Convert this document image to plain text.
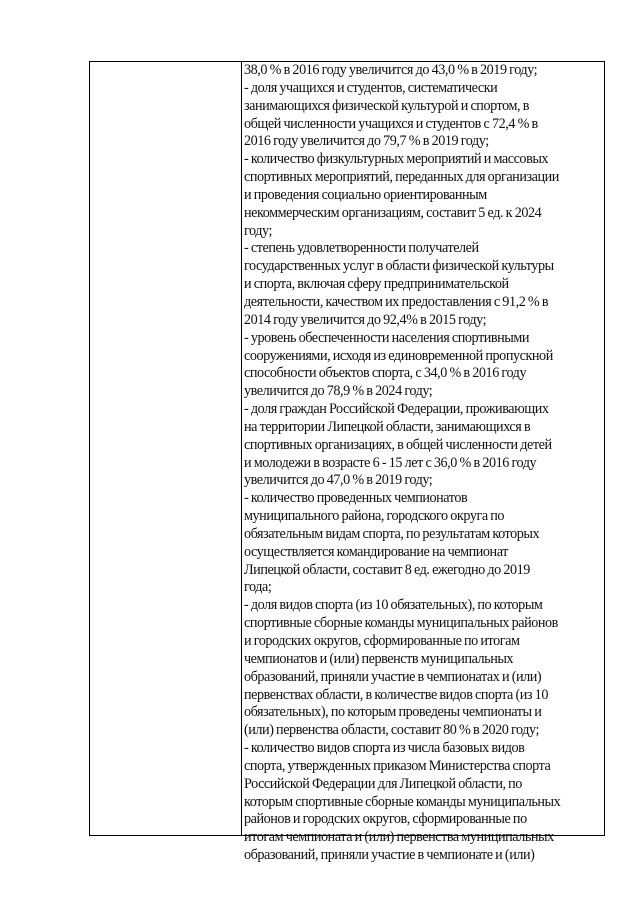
38,0 % в 2016 году увеличится до 43,0 % в 2019 году;
- доля учащихся и студентов, систематически
занимающихся физической культурой и спортом, в
общей численности учащихся и студентов с 72,4 % в
2016 году увеличится до 79,7 % в 2019 году;
- количество физкультурных мероприятий и массовых
спортивных мероприятий, переданных для организации
и проведения социально ориентированным
некоммерческим организациям, составит 5 ед. к 2024
году;
- степень удовлетворенности получателей
государственных услуг в области физической культуры
и спорта, включая сферу предпринимательской
деятельности, качеством их предоставления с 91,2 % в
2014 году увеличится до 92,4% в 2015 году;
- уровень обеспеченности населения спортивными
сооружениями, исходя из единовременной пропускной
способности объектов спорта, с 34,0 % в 2016 году
увеличится до 78,9 % в 2024 году;
- доля граждан Российской Федерации, проживающих
на территории Липецкой области, занимающихся в
спортивных организациях, в общей численности детей
и молодежи в возрасте 6 - 15 лет с 36,0 % в 2016 году
увеличится до 47,0 % в 2019 году;
- количество проведенных чемпионатов
муниципального района, городского округа по
обязательным видам спорта, по результатам которых
осуществляется командирование на чемпионат
Липецкой области, составит 8 ед. ежегодно до 2019
года;
- доля видов спорта (из 10 обязательных), по которым
спортивные сборные команды муниципальных районов
и городских округов, сформированные по итогам
чемпионатов и (или) первенств муниципальных
образований, приняли участие в чемпионатах и (или)
первенствах области, в количестве видов спорта (из 10
обязательных), по которым проведены чемпионаты и
(или) первенства области, составит 80 % в 2020 году;
- количество видов спорта из числа базовых видов
спорта, утвержденных приказом Министерства спорта
Российской Федерации для Липецкой области, по
которым спортивные сборные команды муниципальных
районов и городских округов, сформированные по
итогам чемпионата и (или) первенства муниципальных
образований, приняли участие в чемпионате и (или)
